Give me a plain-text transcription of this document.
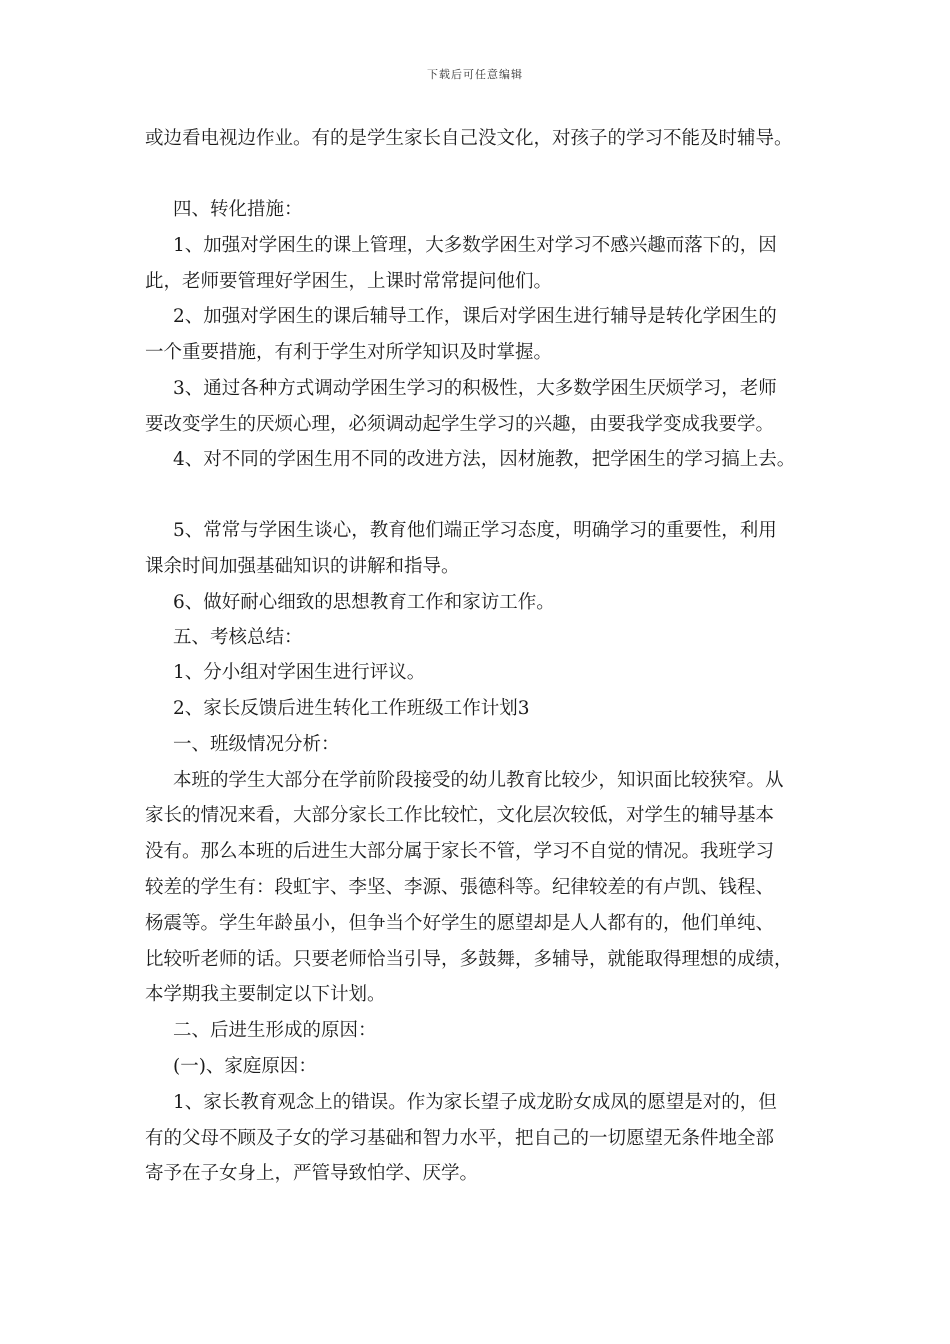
下载后可任意编辑
或边看电视边作业。有的是学生家长自己没文化，对孩子的学习不能及时辅导。
四、转化措施：
1、加强对学困生的课上管理，大多数学困生对学习不感兴趣而落下的，因
此，老师要管理好学困生，上课时常常提问他们。
2、加强对学困生的课后辅导工作，课后对学困生进行辅导是转化学困生的
一个重要措施，有利于学生对所学知识及时掌握。
3、通过各种方式调动学困生学习的积极性，大多数学困生厌烦学习，老师
要改变学生的厌烦心理，必须调动起学生学习的兴趣，由要我学变成我要学。
4、对不同的学困生用不同的改进方法，因材施教，把学困生的学习搞上去。
5、常常与学困生谈心，教育他们端正学习态度，明确学习的重要性，利用
课余时间加强基础知识的讲解和指导。
6、做好耐心细致的思想教育工作和家访工作。
五、考核总结：
1、分小组对学困生进行评议。
2、家长反馈后进生转化工作班级工作计划3
一、班级情况分析：
本班的学生大部分在学前阶段接受的幼儿教育比较少，知识面比较狭窄。从
家长的情况来看，大部分家长工作比较忙，文化层次较低，对学生的辅导基本
没有。那么本班的后进生大部分属于家长不管，学习不自觉的情况。我班学习
较差的学生有：段虹宇、李坚、李源、張德科等。纪律较差的有卢凯、钱程、
杨震等。学生年龄虽小，但争当个好学生的愿望却是人人都有的，他们单纯、
比较听老师的话。只要老师恰当引导，多鼓舞，多辅导，就能取得理想的成绩，
本学期我主要制定以下计划。
二、后进生形成的原因：
(一)、家庭原因：
1、家长教育观念上的错误。作为家长望子成龙盼女成凤的愿望是对的，但
有的父母不顾及子女的学习基础和智力水平，把自己的一切愿望无条件地全部
寄予在子女身上，严管导致怕学、厌学。
